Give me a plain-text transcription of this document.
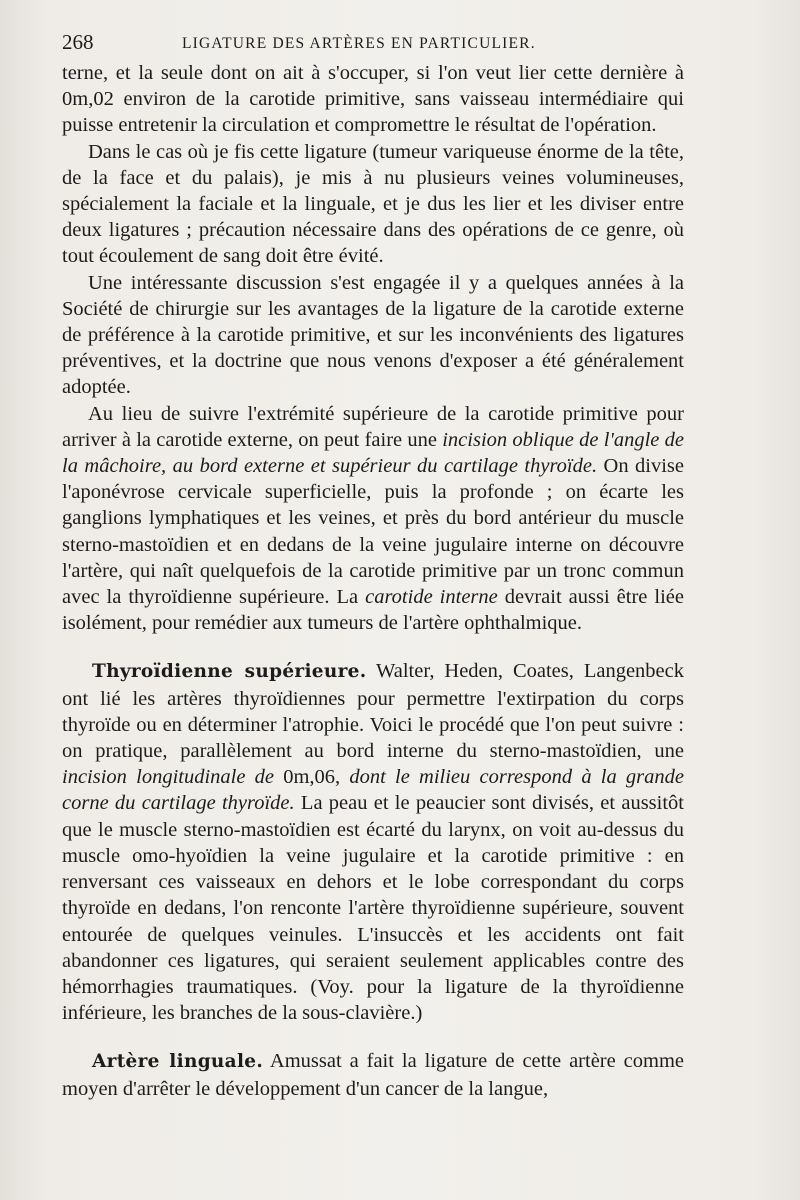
268	LIGATURE DES ARTÈRES EN PARTICULIER.

terne, et la seule dont on ait à s'occuper, si l'on veut lier cette dernière à 0m,02 environ de la carotide primitive, sans vaisseau intermédiaire qui puisse entretenir la circulation et compromettre le résultat de l'opération.

Dans le cas où je fis cette ligature (tumeur variqueuse énorme de la tête, de la face et du palais), je mis à nu plusieurs veines volumineuses, spécialement la faciale et la linguale, et je dus les lier et les diviser entre deux ligatures ; précaution nécessaire dans des opérations de ce genre, où tout écoulement de sang doit être évité.

Une intéressante discussion s'est engagée il y a quelques années à la Société de chirurgie sur les avantages de la ligature de la carotide externe de préférence à la carotide primitive, et sur les inconvénients des ligatures préventives, et la doctrine que nous venons d'exposer a été généralement adoptée.

Au lieu de suivre l'extrémité supérieure de la carotide primitive pour arriver à la carotide externe, on peut faire une incision oblique de l'angle de la mâchoire, au bord externe et supérieur du cartilage thyroïde. On divise l'aponévrose cervicale superficielle, puis la profonde ; on écarte les ganglions lymphatiques et les veines, et près du bord antérieur du muscle sterno-mastoïdien et en dedans de la veine jugulaire interne on découvre l'artère, qui naît quelquefois de la carotide primitive par un tronc commun avec la thyroïdienne supérieure. La carotide interne devrait aussi être liée isolément, pour remédier aux tumeurs de l'artère ophthalmique.

Thyroïdienne supérieure. Walter, Heden, Coates, Langenbeck ont lié les artères thyroïdiennes pour permettre l'extirpation du corps thyroïde ou en déterminer l'atrophie. Voici le procédé que l'on peut suivre : on pratique, parallèlement au bord interne du sterno-mastoïdien, une incision longitudinale de 0m,06, dont le milieu correspond à la grande corne du cartilage thyroïde. La peau et le peaucier sont divisés, et aussitôt que le muscle sterno-mastoïdien est écarté du larynx, on voit au-dessus du muscle omo-hyoïdien la veine jugulaire et la carotide primitive : en renversant ces vaisseaux en dehors et le lobe correspondant du corps thyroïde en dedans, l'on renconte l'artère thyroïdienne supérieure, souvent entourée de quelques veinules. L'insuccès et les accidents ont fait abandonner ces ligatures, qui seraient seulement applicables contre des hémorrhagies traumatiques. (Voy. pour la ligature de la thyroïdienne inférieure, les branches de la sous-clavière.)

Artère linguale. Amussat a fait la ligature de cette artère comme moyen d'arrêter le développement d'un cancer de la langue,
